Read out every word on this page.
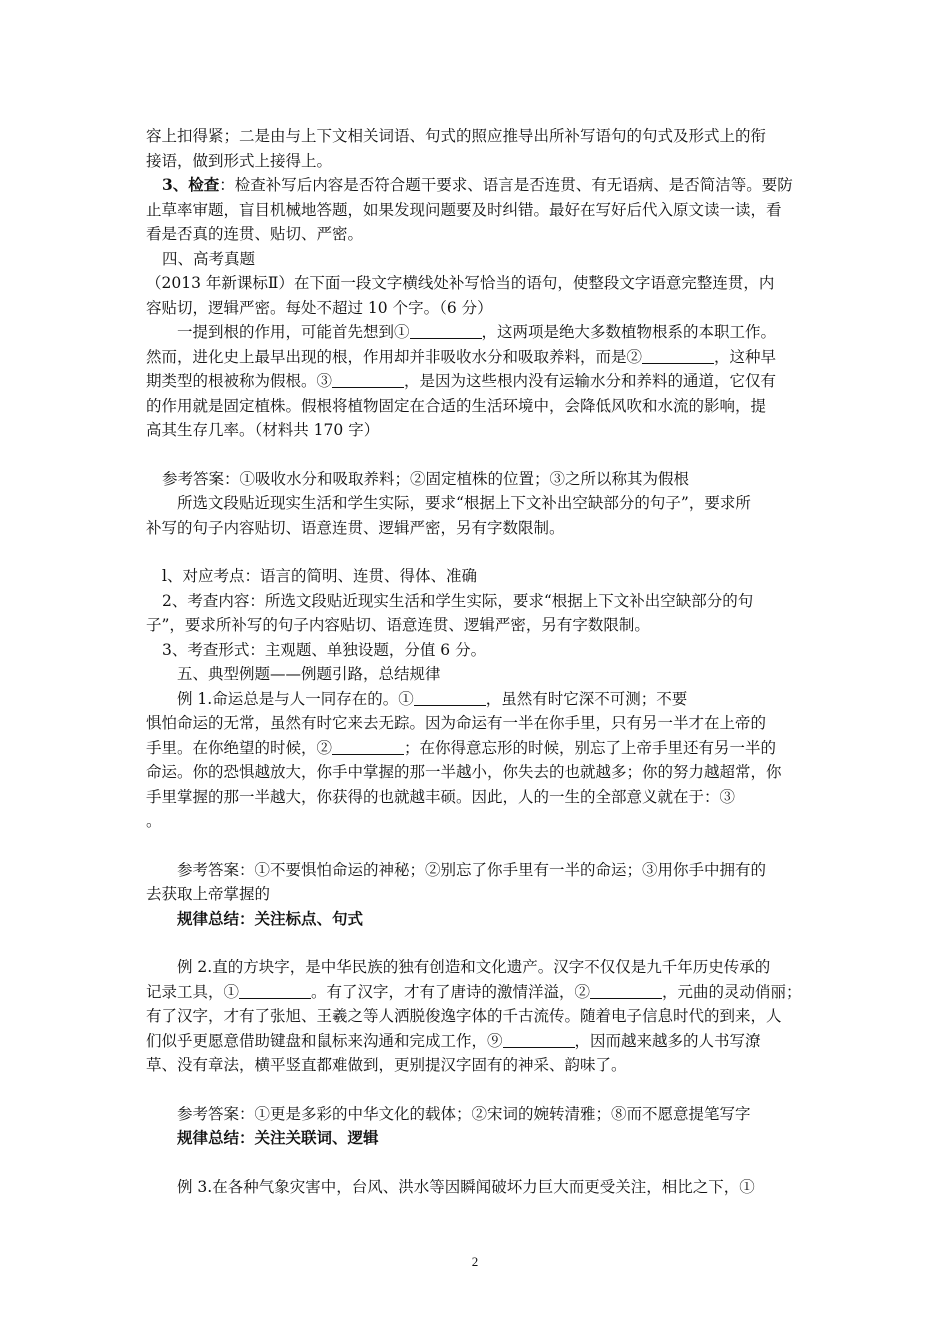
容上扣得紧；二是由与上下文相关词语、句式的照应推导出所补写语句的句式及形式上的衔

接语，做到形式上接得上。

3、检查：检查补写后内容是否符合题干要求、语言是否连贯、有无语病、是否简洁等。要防

止草率审题，盲目机械地答题，如果发现问题要及时纠错。最好在写好后代入原文读一读，看

看是否真的连贯、贴切、严密。

四、高考真题

（2013 年新课标Ⅱ）在下面一段文字横线处补写恰当的语句，使整段文字语意完整连贯，内

容贴切，逻辑严密。每处不超过 10 个字。（6 分）

一提到根的作用，可能首先想到①	，这两项是绝大多数植物根系的本职工作。

然而，进化史上最早出现的根，作用却并非吸收水分和吸取养料，而是②	，这种早

期类型的根被称为假根。③	，是因为这些根内没有运输水分和养料的通道，它仅有

的作用就是固定植株。假根将植物固定在合适的生活环境中，会降低风吹和水流的影响，提

高其生存几率。（材料共 170 字）

参考答案：①吸收水分和吸取养料；②固定植株的位置；③之所以称其为假根

所选文段贴近现实生活和学生实际，要求“根据上下文补出空缺部分的句子”，要求所

补写的句子内容贴切、语意连贯、逻辑严密，另有字数限制。

l、对应考点：语言的简明、连贯、得体、准确

2、考查内容：所选文段贴近现实生活和学生实际，要求“根据上下文补出空缺部分的句

子”，要求所补写的句子内容贴切、语意连贯、逻辑严密，另有字数限制。

3、考查形式：主观题、单独设题，分值 6 分。

五、典型例题——例题引路，总结规律

例 1.命运总是与人一同存在的。①	，虽然有时它深不可测；不要

惧怕命运的无常，虽然有时它来去无踪。因为命运有一半在你手里，只有另一半才在上帝的

手里。在你绝望的时候，②	；在你得意忘形的时候，别忘了上帝手里还有另一半的

命运。你的恐惧越放大，你手中掌握的那一半越小，你失去的也就越多；你的努力越超常，你

手里掌握的那一半越大，你获得的也就越丰硕。因此，人的一生的全部意义就在于：③

。

参考答案：①不要惧怕命运的神秘；②别忘了你手里有一半的命运；③用你手中拥有的

去获取上帝掌握的

规律总结：关注标点、句式

例 2.直的方块字，是中华民族的独有创造和文化遗产。汉字不仅仅是九千年历史传承的

记录工具，①	。有了汉字，才有了唐诗的激情洋溢，②	，元曲的灵动俏丽；

有了汉字，才有了张旭、王羲之等人洒脱俊逸字体的千古流传。随着电子信息时代的到来，人

们似乎更愿意借助键盘和鼠标来沟通和完成工作，⑨	，因而越来越多的人书写潦

草、没有章法，横平竖直都难做到，更别提汉字固有的神采、韵味了。

参考答案：①更是多彩的中华文化的载体；②宋词的婉转清雅；⑧而不愿意提笔写字

规律总结：关注关联词、逻辑

例 3.在各种气象灾害中，台风、洪水等因瞬闻破坏力巨大而更受关注，相比之下，①

2
